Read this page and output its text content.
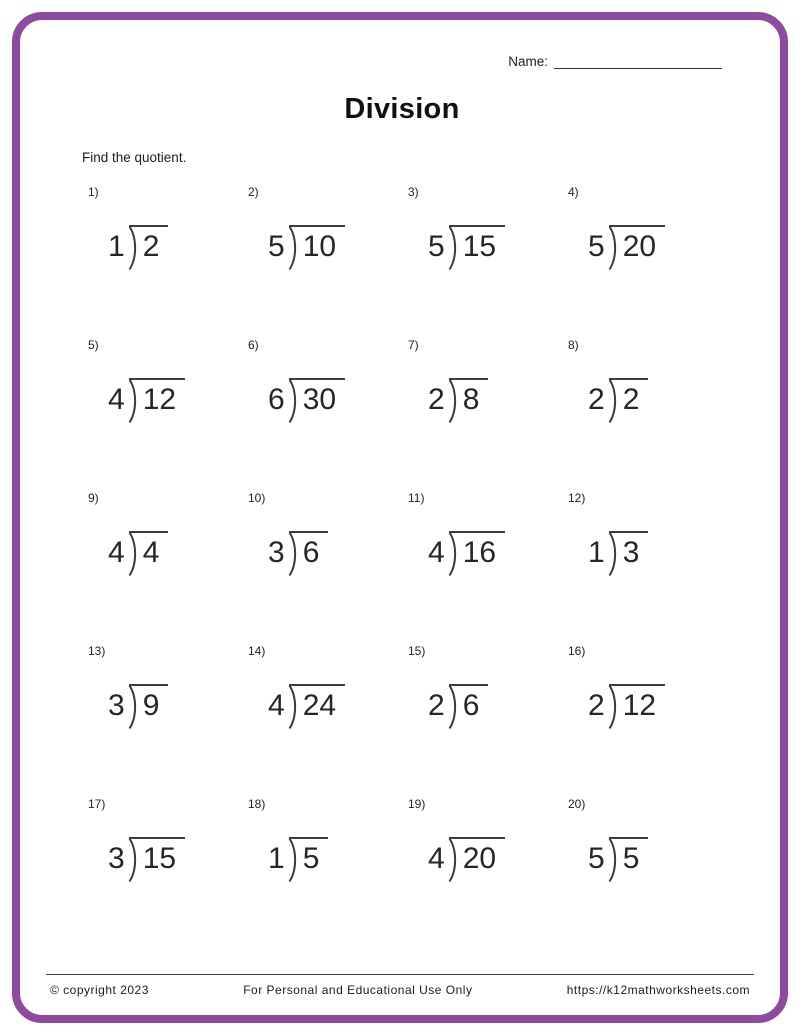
Name:
Division
Find the quotient.
1)
1 2
2)
5 10
3)
5 15
4)
5 20
5)
4 12
6)
6 30
7)
2 8
8)
2 2
9)
4 4
10)
3 6
11)
4 16
12)
1 3
13)
3 9
14)
4 24
15)
2 6
16)
2 12
17)
3 15
18)
1 5
19)
4 20
20)
5 5
© copyright 2023	For Personal and Educational Use Only	https://k12mathworksheets.com
